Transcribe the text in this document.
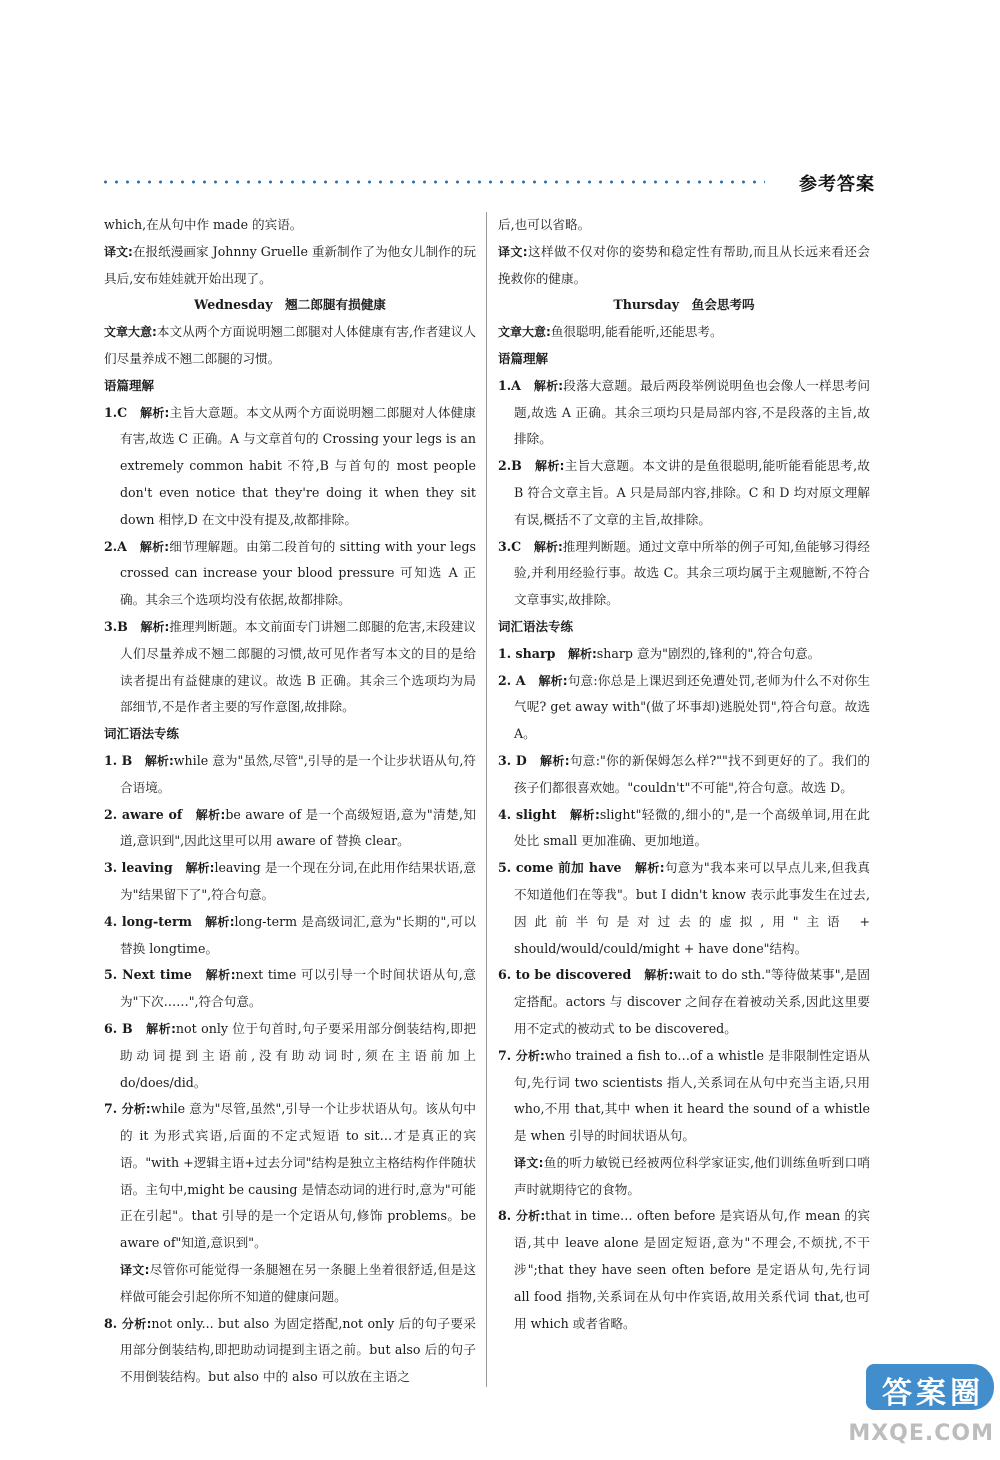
参考答案

which,在从句中作 made 的宾语。

译文:在报纸漫画家 Johnny Gruelle 重新制作了为他女儿制作的玩具后,安布娃娃就开始出现了。

Wednesday　翘二郎腿有损健康

文章大意:本文从两个方面说明翘二郎腿对人体健康有害,作者建议人们尽量养成不翘二郎腿的习惯。

语篇理解

1.C　解析:主旨大意题。本文从两个方面说明翘二郎腿对人体健康有害,故选 C 正确。A 与文章首句的 Crossing your legs is an extremely common habit 不符,B 与首句的 most people don't even notice that they're doing it when they sit down 相悖,D 在文中没有提及,故都排除。

2.A　解析:细节理解题。由第二段首句的 sitting with your legs crossed can increase your blood pressure 可知选 A 正确。其余三个选项均没有依据,故都排除。

3.B　解析:推理判断题。本文前面专门讲翘二郎腿的危害,末段建议人们尽量养成不翘二郎腿的习惯,故可见作者写本文的目的是给读者提出有益健康的建议。故选 B 正确。其余三个选项均为局部细节,不是作者主要的写作意图,故排除。

词汇语法专练

1. B　解析:while 意为"虽然,尽管",引导的是一个让步状语从句,符合语境。

2. aware of　解析:be aware of 是一个高级短语,意为"清楚,知道,意识到",因此这里可以用 aware of 替换 clear。

3. leaving　解析:leaving 是一个现在分词,在此用作结果状语,意为"结果留下了",符合句意。

4. long-term　解析:long-term 是高级词汇,意为"长期的",可以替换 longtime。

5. Next time　解析:next time 可以引导一个时间状语从句,意为"下次……",符合句意。

6. B　解析:not only 位于句首时,句子要采用部分倒装结构,即把助动词提到主语前,没有助动词时,须在主语前加上 do/does/did。

7. 分析:while 意为"尽管,虽然",引导一个让步状语从句。该从句中的 it 为形式宾语,后面的不定式短语 to sit…才是真正的宾语。"with +逻辑主语+过去分词"结构是独立主格结构作伴随状语。主句中,might be causing 是情态动词的进行时,意为"可能正在引起"。that 引导的是一个定语从句,修饰 problems。be aware of"知道,意识到"。

译文:尽管你可能觉得一条腿翘在另一条腿上坐着很舒适,但是这样做可能会引起你所不知道的健康问题。

8. 分析:not only... but also 为固定搭配,not only 后的句子要采用部分倒装结构,即把助动词提到主语之前。but also 后的句子不用倒装结构。but also 中的 also 可以放在主语之

后,也可以省略。

译文:这样做不仅对你的姿势和稳定性有帮助,而且从长远来看还会挽救你的健康。

Thursday　鱼会思考吗

文章大意:鱼很聪明,能看能听,还能思考。

语篇理解

1.A　解析:段落大意题。最后两段举例说明鱼也会像人一样思考问题,故选 A 正确。其余三项均只是局部内容,不是段落的主旨,故排除。

2.B　解析:主旨大意题。本文讲的是鱼很聪明,能听能看能思考,故 B 符合文章主旨。A 只是局部内容,排除。C 和 D 均对原文理解有误,概括不了文章的主旨,故排除。

3.C　解析:推理判断题。通过文章中所举的例子可知,鱼能够习得经验,并利用经验行事。故选 C。其余三项均属于主观臆断,不符合文章事实,故排除。

词汇语法专练

1. sharp　解析:sharp 意为"剧烈的,锋利的",符合句意。

2. A　解析:句意:你总是上课迟到还免遭处罚,老师为什么不对你生气呢? get away with"(做了坏事却)逃脱处罚",符合句意。故选 A。

3. D　解析:句意:"你的新保姆怎么样?""找不到更好的了。我们的孩子们都很喜欢她。"couldn't"不可能",符合句意。故选 D。

4. slight　解析:slight"轻微的,细小的",是一个高级单词,用在此处比 small 更加准确、更加地道。

5. come 前加 have　解析:句意为"我本来可以早点儿来,但我真不知道他们在等我"。but I didn't know 表示此事发生在过去,因此前半句是对过去的虚拟,用"主语 + should/would/could/might + have done"结构。

6. to be discovered　解析:wait to do sth."等待做某事",是固定搭配。actors 与 discover 之间存在着被动关系,因此这里要用不定式的被动式 to be discovered。

7. 分析:who trained a fish to…of a whistle 是非限制性定语从句,先行词 two scientists 指人,关系词在从句中充当主语,只用 who,不用 that,其中 when it heard the sound of a whistle 是 when 引导的时间状语从句。

译文:鱼的听力敏锐已经被两位科学家证实,他们训练鱼听到口哨声时就期待它的食物。

8. 分析:that in time… often before 是宾语从句,作 mean 的宾语,其中 leave alone 是固定短语,意为"不理会,不烦扰,不干涉";that they have seen often before 是定语从句,先行词 all food 指物,关系词在从句中作宾语,故用关系代词 that,也可用 which 或者省略。

答案圈
MXQE.COM
